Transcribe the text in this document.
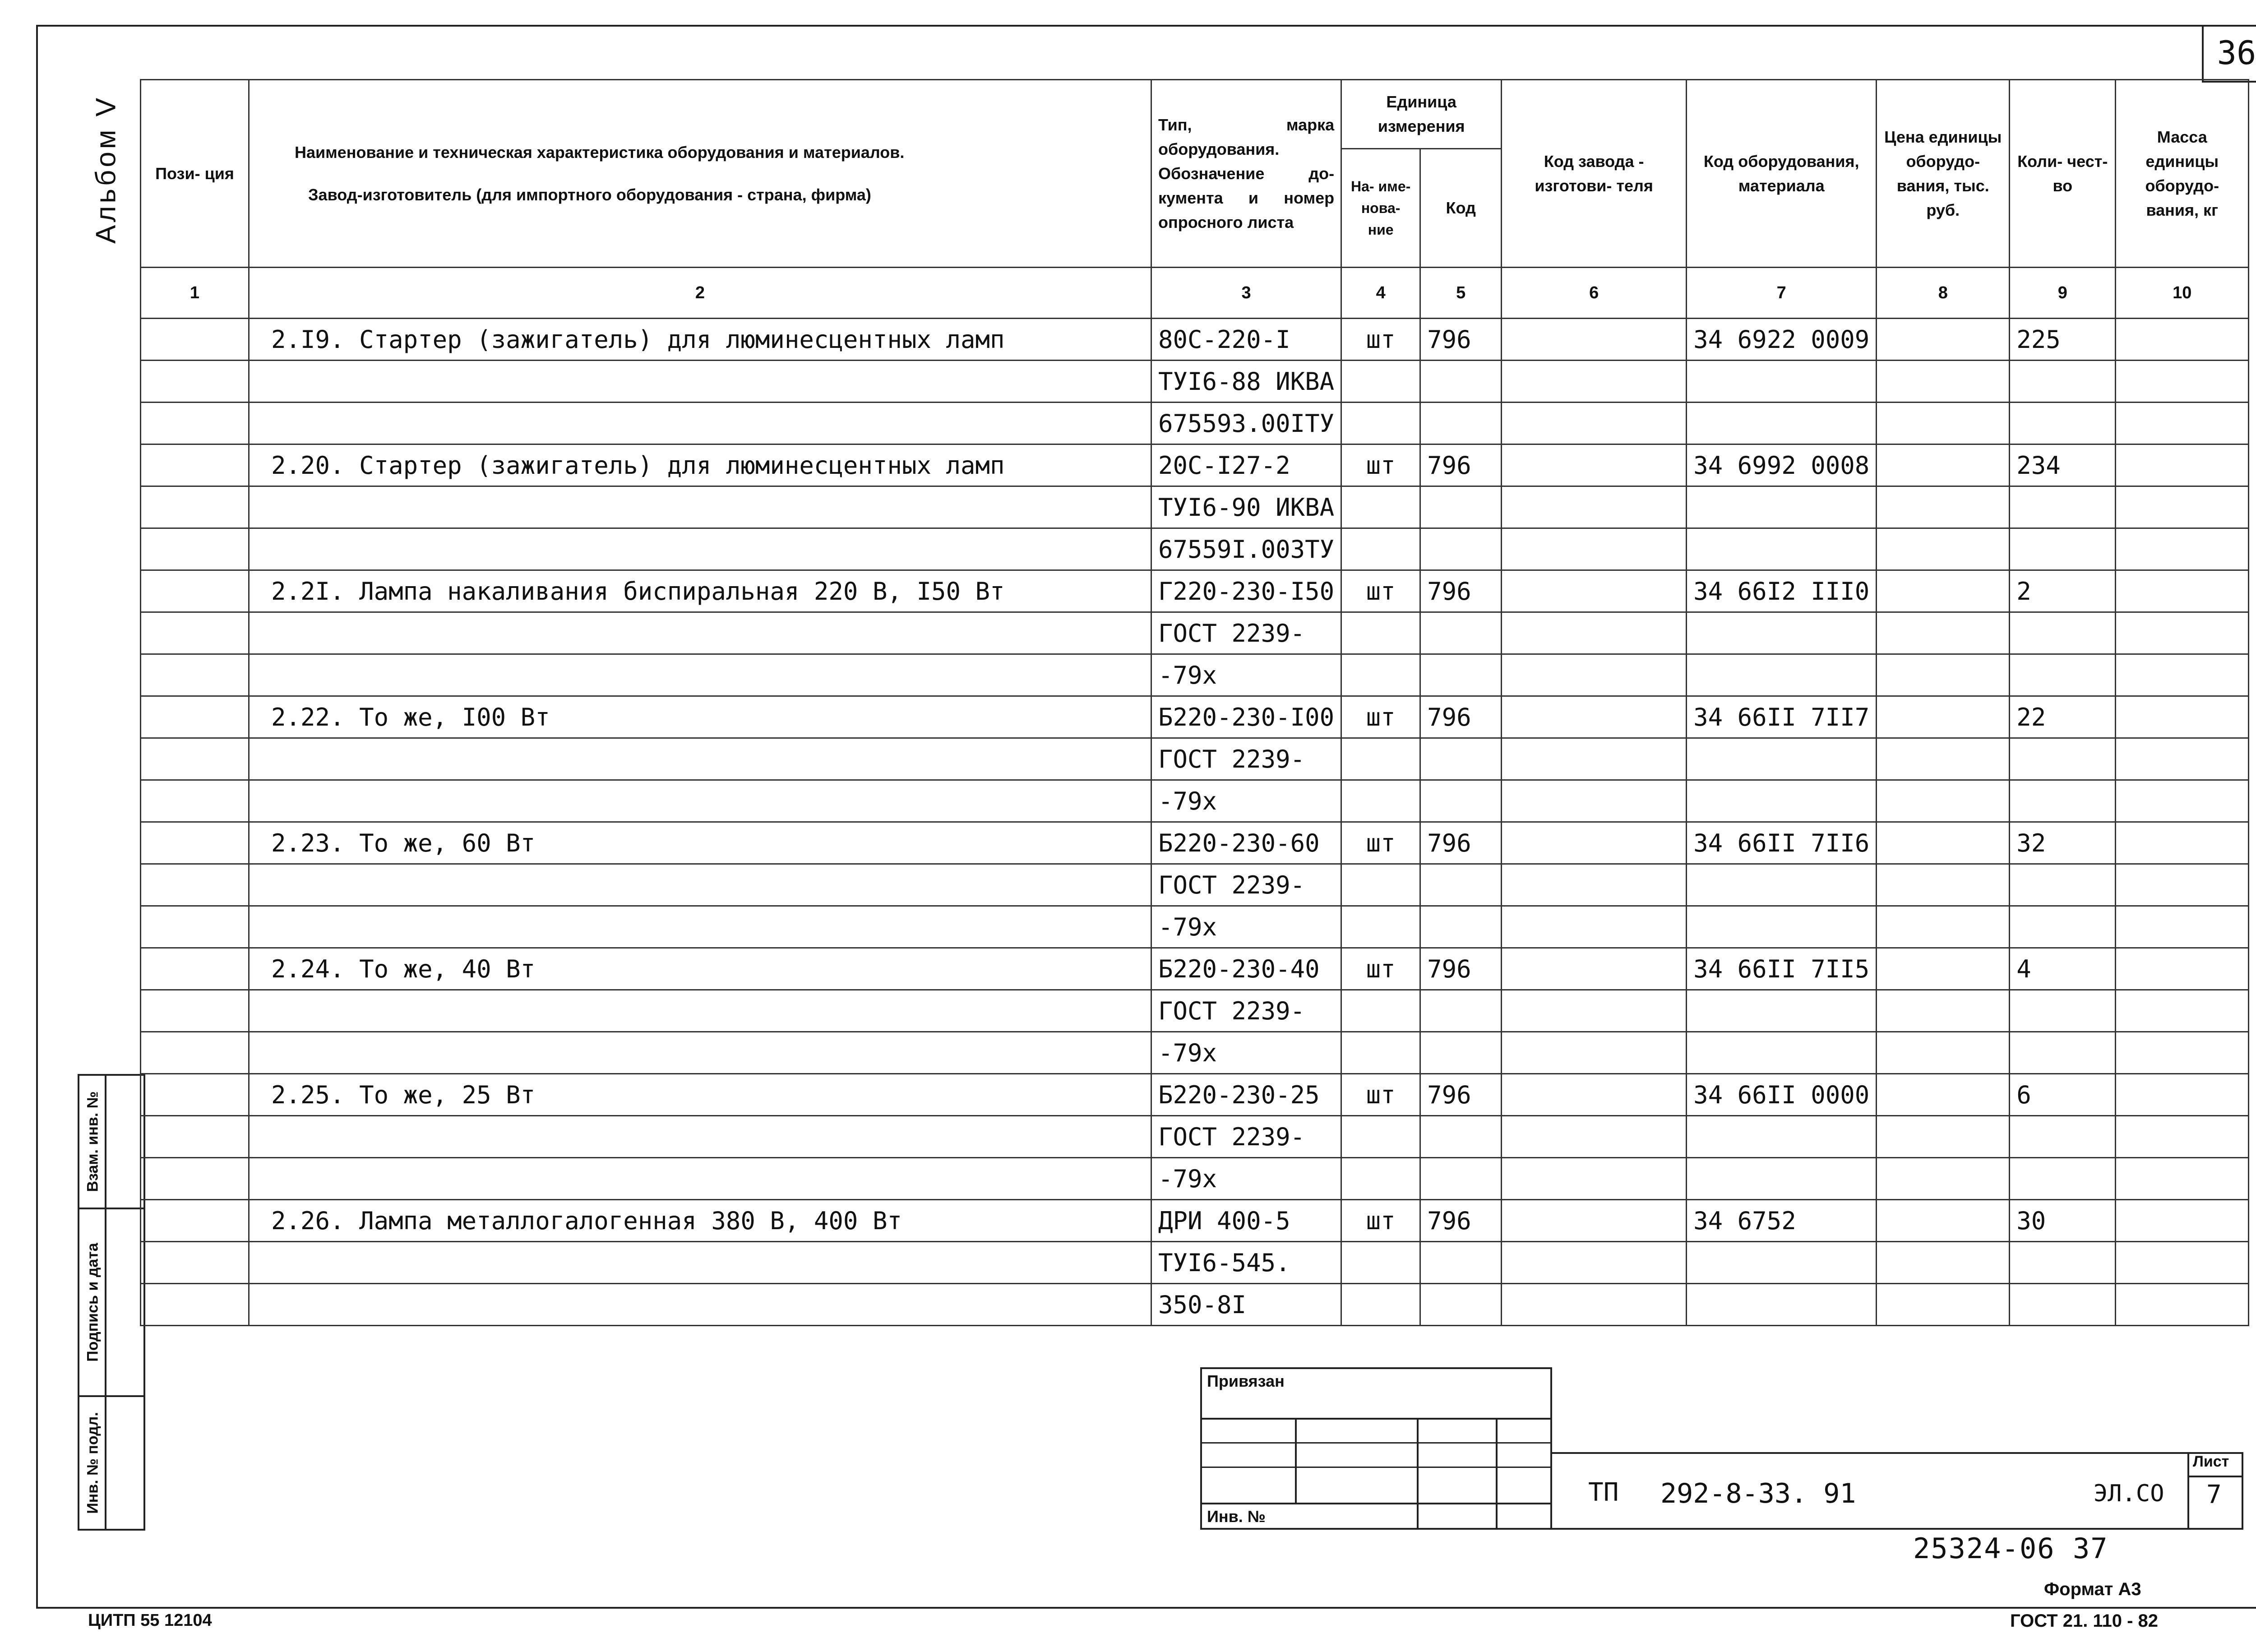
36
Альбом V
Взам. инв. №
Подпись и дата
Инв. № подл.
Пози- ция	Наименование и техническая характеристика оборудования и материалов.
Завод-изготовитель (для импортного оборудования - страна, фирма)	Тип, марка оборудования. Обозначение до- кумента и номер опросного листа	Единица измерения		Код завода - изготови- теля	Код оборудования, материала	Цена единицы оборудо- вания, тыс. руб.	Коли- чест- во	Масса единицы оборудо- вания, кг
			На- име- нова- ние	Код					
1	2	3	4	5	6	7	8	9	10
	2.I9. Стартер (зажигатель) для люминесцентных ламп	80С-220-I	шт	796		34 6922 0009		225	
		ТУI6-88 ИКВА							
		675593.00IТУ							
	2.20. Стартер (зажигатель) для люминесцентных ламп	20С-I27-2	шт	796		34 6992 0008		234	
		ТУI6-90 ИКВА							
		67559I.003ТУ							
	2.2I. Лампа накаливания биспиральная 220 В, I50 Вт	Г220-230-I50	шт	796		34 66I2 III0		2	
		ГОСТ 2239-							
		-79х							
	2.22. То же, I00 Вт	Б220-230-I00	шт	796		34 66II 7II7		22	
		ГОСТ 2239-							
		-79х							
	2.23. То же, 60 Вт	Б220-230-60	шт	796		34 66II 7II6		32	
		ГОСТ 2239-							
		-79х							
	2.24. То же, 40 Вт	Б220-230-40	шт	796		34 66II 7II5		4	
		ГОСТ 2239-							
		-79х							
	2.25. То же, 25 Вт	Б220-230-25	шт	796		34 66II 0000		6	
		ГОСТ 2239-							
		-79х							
	2.26. Лампа металлогалогенная 380 В, 400 Вт	ДРИ 400-5	шт	796		34 6752		30	
		ТУI6-545.							
		350-8I							
Привязан
Инв. №
ТП 292-8-33. 91	ЭЛ.СО
Лист
7
25324-06 37
Формат А3
ЦИТП 55 12104	ГОСТ 21. 110 - 82
